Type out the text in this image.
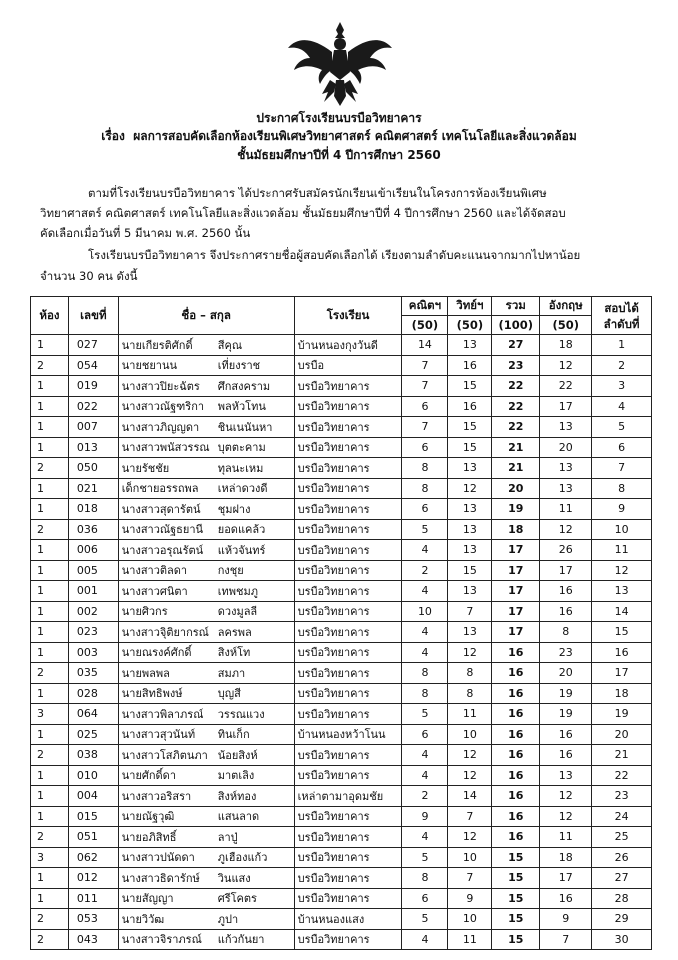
ประกาศโรงเรียนบรบือวิทยาคาร
เรื่อง ผลการสอบคัดเลือกห้องเรียนพิเศษวิทยาศาสตร์ คณิตศาสตร์ เทคโนโลยีและสิ่งแวดล้อม
ชั้นมัธยมศึกษาปีที่ 4 ปีการศึกษา 2560
ตามที่โรงเรียนบรบือวิทยาคาร ได้ประกาศรับสมัครนักเรียนเข้าเรียนในโครงการห้องเรียนพิเศษ
วิทยาศาสตร์ คณิตศาสตร์ เทคโนโลยีและสิ่งแวดล้อม ชั้นมัธยมศึกษาปีที่ 4 ปีการศึกษา 2560 และได้จัดสอบ
คัดเลือกเมื่อวันที่ 5 มีนาคม พ.ศ. 2560 นั้น
โรงเรียนบรบือวิทยาคาร จึงประกาศรายชื่อผู้สอบคัดเลือกได้ เรียงตามลำดับคะแนนจากมากไปหาน้อย
จำนวน 30 คน ดังนี้
ห้อง	เลขที่	ชื่อ – สกุล	โรงเรียน	คณิตฯ	วิทย์ฯ	รวม	อังกฤษ	สอบได้ ลำดับที่
				(50)	(50)	(100)	(50)	
1	027	นายเกียรติศักดิ์ สีคุณ	บ้านหนองกุงวันดี	14	13	27	18	1
2	054	นายชยานน เที่ยงราช	บรบือ	7	16	23	12	2
1	019	นางสาวปิยะฉัตร ศึกสงคราม	บรบือวิทยาคาร	7	15	22	22	3
1	022	นางสาวณัฐฑริกา พลหัวโทน	บรบือวิทยาคาร	6	16	22	17	4
1	007	นางสาวภิญญดา ชินเนนันหา	บรบือวิทยาคาร	7	15	22	13	5
1	013	นางสาวพนัสวรรณ บุตตะคาม	บรบือวิทยาคาร	6	15	21	20	6
2	050	นายรัชชัย ทุลนะเหม	บรบือวิทยาคาร	8	13	21	13	7
1	021	เด็กชายอรรถพล เหล่าดวงดี	บรบือวิทยาคาร	8	12	20	13	8
1	018	นางสาวสุดารัตน์ ชุมฝาง	บรบือวิทยาคาร	6	13	19	11	9
2	036	นางสาวณัฐธยานี ยอดแคล้ว	บรบือวิทยาคาร	5	13	18	12	10
1	006	นางสาวอรุณรัตน์ แห้วจันทร์	บรบือวิทยาคาร	4	13	17	26	11
1	005	นางสาวติลดา กงชุย	บรบือวิทยาคาร	2	15	17	17	12
1	001	นางสาวศนิตา เทพชมภู	บรบือวิทยาคาร	4	13	17	16	13
1	002	นายศิวกร ดวงมูลลี	บรบือวิทยาคาร	10	7	17	16	14
1	023	นางสาวจุิติยากรณ์ ลครพล	บรบือวิทยาคาร	4	13	17	8	15
1	003	นายณรงค์ศักดิ์ สิงห์โท	บรบือวิทยาคาร	4	12	16	23	16
2	035	นายพลพล สมภา	บรบือวิทยาคาร	8	8	16	20	17
1	028	นายสิทธิพงษ์ บุญสี	บรบือวิทยาคาร	8	8	16	19	18
3	064	นางสาวพิลาภรณ์ วรรณแวง	บรบือวิทยาคาร	5	11	16	19	19
1	025	นางสาวสุวนันท์ ทินเก็ก	บ้านหนองหว้าโนน	6	10	16	16	20
2	038	นางสาวโสภิตนภา น้อยสิงห์	บรบือวิทยาคาร	4	12	16	16	21
1	010	นายศักดิ์ดา มาตเลิง	บรบือวิทยาคาร	4	12	16	13	22
1	004	นางสาวอริสรา สิงห์ทอง	เหล่าตามาอุดมชัย	2	14	16	12	23
1	015	นายณัฐวุฒิ แสนลาด	บรบือวิทยาคาร	9	7	16	12	24
2	051	นายอภิสิทธิ์ ลาปู่	บรบือวิทยาคาร	4	12	16	11	25
3	062	นางสาวปนัดดา ภูเฮืองแก้ว	บรบือวิทยาคาร	5	10	15	18	26
1	012	นางสาวธิดารักษ์ วินแสง	บรบือวิทยาคาร	8	7	15	17	27
1	011	นายสัญญา ศรีโคตร	บรบือวิทยาคาร	6	9	15	16	28
2	053	นายวิวัฒ ภูปา	บ้านหนองแสง	5	10	15	9	29
2	043	นางสาวจิราภรณ์ แก้วกันยา	บรบือวิทยาคาร	4	11	15	7	30
